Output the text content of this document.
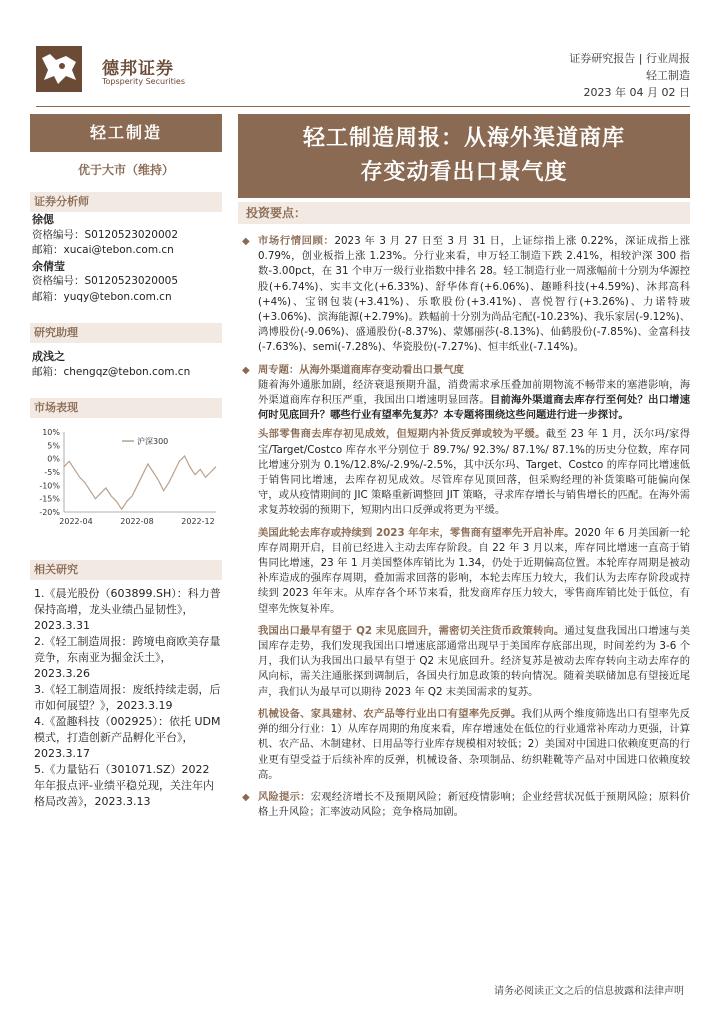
德邦证券
Topsperity Securities
证券研究报告 | 行业周报
轻工制造
2023 年 04 月 02 日
轻工制造
优于大市（维持）
证券分析师
徐偲
资格编号：S0120523020002
邮箱：xucai@tebon.com.cn
余倩莹
资格编号：S0120523020005
邮箱：yuqy@tebon.com.cn
研究助理
成浅之
邮箱：chengqz@tebon.com.cn
市场表现
10%
5%
0%
-5%
-10%
-15%
-20%
2022-04	2022-08	2022-12
沪深300
相关研究
1.《晨光股份（603899.SH）：科力普保持高增，龙头业绩凸显韧性》，2023.3.31
2.《轻工制造周报：跨境电商欧美存量竞争，东南亚为掘金沃土》，2023.3.26
3.《轻工制造周报：废纸持续走弱，后市如何展望？》，2023.3.19
4.《盈趣科技（002925）：依托 UDM 模式，打造创新产品孵化平台》，2023.3.17
5.《力量钻石（301071.SZ）2022 年年报点评-业绩平稳兑现，关注年内格局改善》，2023.3.13
轻工制造周报：从海外渠道商库
存变动看出口景气度
投资要点：
◆ 市场行情回顾：2023 年 3 月 27 日至 3 月 31 日，上证综指上涨 0.22%，深证成指上涨 0.79%，创业板指上涨 1.23%。分行业来看，申万轻工制造下跌 2.41%，相较沪深 300 指数-3.00pct，在 31 个申万一级行业指数中排名 28。轻工制造行业一周涨幅前十分别为华源控股(+6.74%)、实丰文化(+6.33%)、舒华体育(+6.06%)、趣睡科技(+4.59%)、沐邦高科(+4%)、宝钢包装(+3.41%)、乐歌股份(+3.41%)、喜悦智行(+3.26%)、力诺特玻(+3.06%)、滨海能源(+2.79%)。跌幅前十分别为尚品宅配(-10.23%)、我乐家居(-9.12%)、鸿博股份(-9.06%)、盛通股份(-8.37%)、蒙娜丽莎(-8.13%)、仙鹤股份(-7.85%)、金富科技(-7.63%)、semi(-7.28%)、华瓷股份(-7.27%)、恒丰纸业(-7.14%)。
◆ 周专题：从海外渠道商库存变动看出口景气度
随着海外通胀加剧，经济衰退预期升温，消费需求承压叠加前期物流不畅带来的塞港影响，海外渠道商库存积压严重，我国出口增速明显回落。目前海外渠道商去库存行至何处？出口增速何时见底回升？哪些行业有望率先复苏？本专题将围绕这些问题进行进一步探讨。
头部零售商去库存初见成效，但短期内补货反弹或较为平缓。截至 23 年 1 月，沃尔玛/家得宝/Target/Costco 库存水平分别位于 89.7%/ 92.3%/ 87.1%/ 87.1%的历史分位数，库存同比增速分别为 0.1%/12.8%/-2.9%/-2.5%，其中沃尔玛、Target、Costco 的库存同比增速低于销售同比增速，去库存初见成效。尽管库存见顶回落，但采购经理的补货策略可能偏向保守，或从疫情期间的 JIC 策略重新调整回 JIT 策略，寻求库存增长与销售增长的匹配。在海外需求复苏较弱的预期下，短期内出口反弹或将更为平缓。
美国此轮去库存或持续到 2023 年年末，零售商有望率先开启补库。2020 年 6 月美国新一轮库存周期开启，目前已经进入主动去库存阶段。自 22 年 3 月以来，库存同比增速一直高于销售同比增速，23 年 1 月美国整体库销比为 1.34，仍处于近期偏高位置。本轮库存周期是被动补库造成的强库存周期，叠加需求回落的影响，本轮去库压力较大，我们认为去库存阶段或持续到 2023 年年末。从库存各个环节来看，批发商库存压力较大，零售商库销比处于低位，有望率先恢复补库。
我国出口最早有望于 Q2 末见底回升，需密切关注货币政策转向。通过复盘我国出口增速与美国库存走势，我们发现我国出口增速底部通常出现早于美国库存底部出现，时间差约为 3-6 个月，我们认为我国出口最早有望于 Q2 末见底回升。经济复苏是被动去库存转向主动去库存的风向标，需关注通胀探到调制后，各国央行加息政策的转向情况。随着美联储加息有望接近尾声，我们认为最早可以期待 2023 年 Q2 末美国需求的复苏。
机械设备、家具建材、农产品等行业出口有望率先反弹。我们从两个维度筛选出口有望率先反弹的细分行业：1）从库存周期的角度来看，库存增速处在低位的行业通常补库动力更强，计算机、农产品、木制建材、日用品等行业库存规模相对较低；2）美国对中国进口依赖度更高的行业更有望受益于后续补库的反弹，机械设备、杂项制品、纺织鞋靴等产品对中国进口依赖度较高。
◆ 风险提示：宏观经济增长不及预期风险；新冠疫情影响；企业经营状况低于预期风险；原料价格上升风险；汇率波动风险；竞争格局加剧。
请务必阅读正文之后的信息披露和法律声明
